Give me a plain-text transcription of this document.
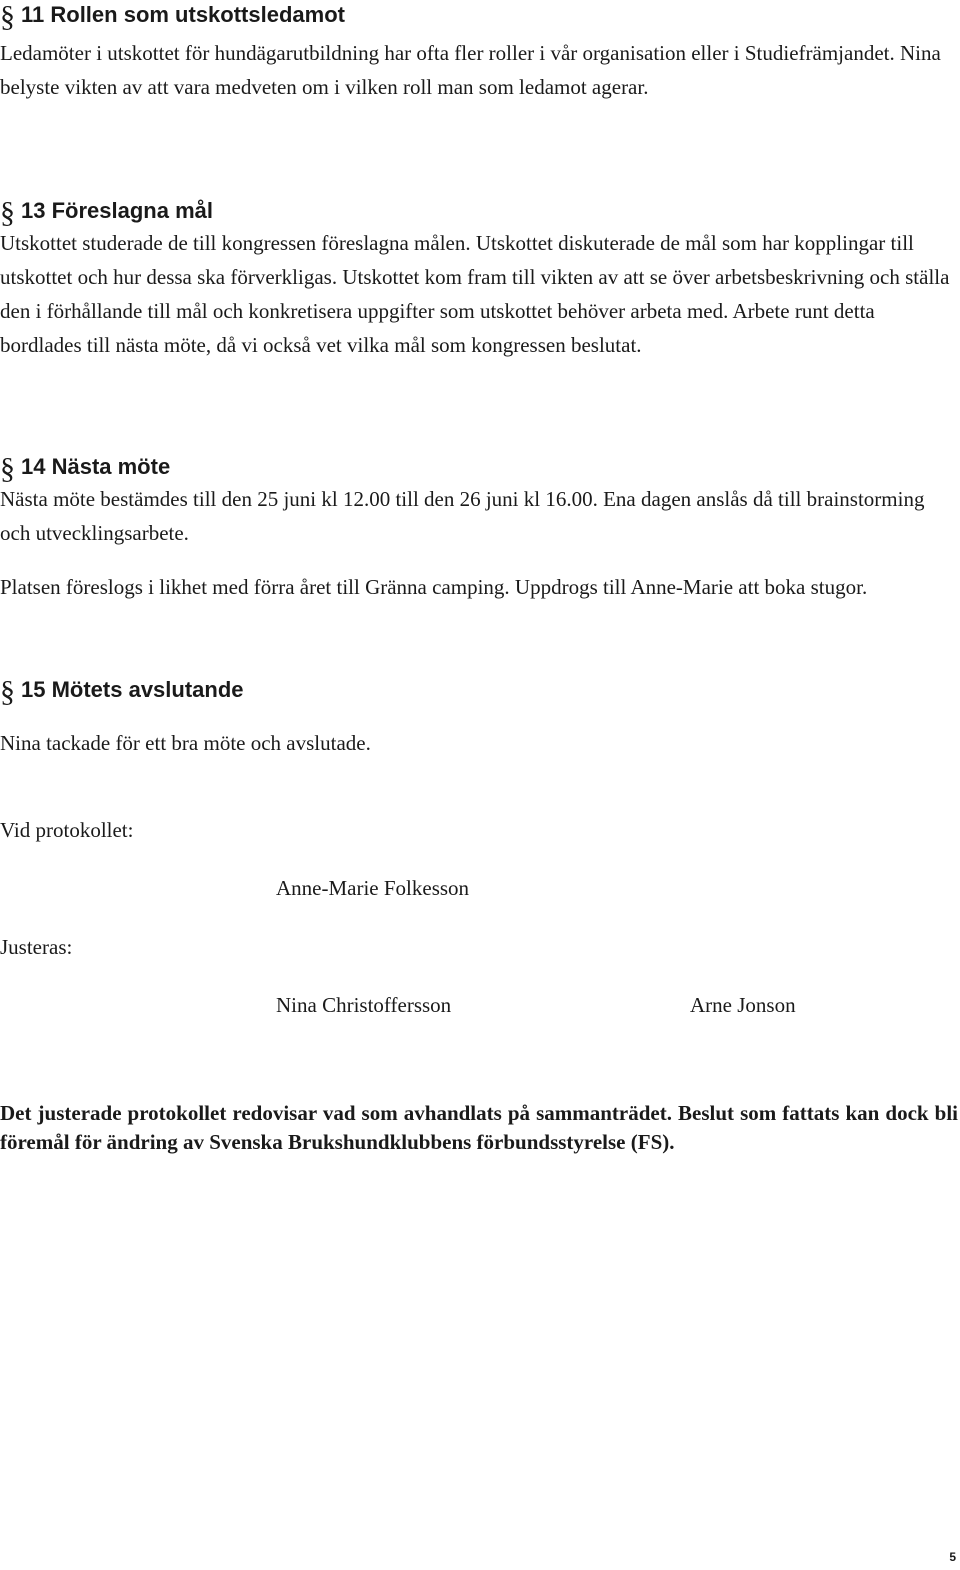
§ 11 Rollen som utskottsledamot

Ledamöter i utskottet för hundägarutbildning har ofta fler roller i vår organisation eller i Studiefrämjandet. Nina belyste vikten av att vara medveten om i vilken roll man som ledamot agerar.

§ 13 Föreslagna mål

Utskottet studerade de till kongressen föreslagna målen. Utskottet diskuterade de mål som har kopplingar till utskottet och hur dessa ska förverkligas. Utskottet kom fram till vikten av att se över arbetsbeskrivning och ställa den i förhållande till mål och konkretisera uppgifter som utskottet behöver arbeta med. Arbete runt detta bordlades till nästa möte, då vi också vet vilka mål som kongressen beslutat.

§ 14 Nästa möte

Nästa möte bestämdes till den 25 juni kl 12.00 till den 26 juni kl 16.00. Ena dagen anslås då till brainstorming och utvecklingsarbete.

Platsen föreslogs i likhet med förra året till Gränna camping. Uppdrogs till Anne-Marie att boka stugor.

§ 15 Mötets avslutande

Nina tackade för ett bra möte och avslutade.

Vid protokollet:
Anne-Marie Folkesson
Justeras:
Nina Christoffersson	Arne Jonson

Det justerade protokollet redovisar vad som avhandlats på sammanträdet. Beslut som fattats kan dock bli föremål för ändring av Svenska Brukshundklubbens förbundsstyrelse (FS).

5
